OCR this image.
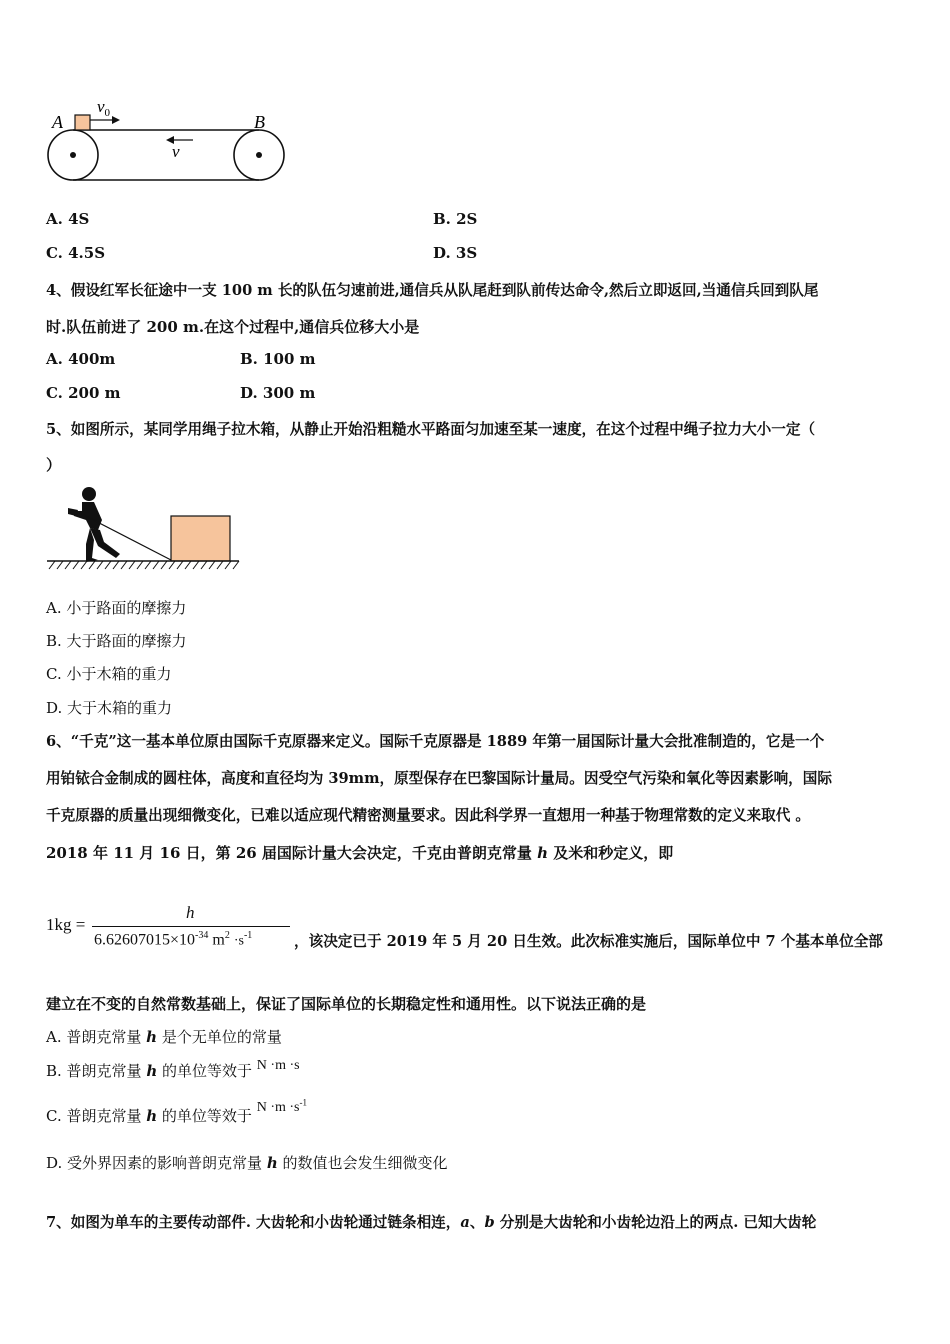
A	B
$v_0$
v
A. 4S	B. 2S
C. 4.5S	D. 3S
4、假设红军长征途中一支 100 m 长的队伍匀速前进,通信兵从队尾赶到队前传达命令,然后立即返回,当通信兵回到队尾
时.队伍前进了 200 m.在这个过程中,通信兵位移大小是
A. 400m	B. 100 m
C. 200 m	D. 300 m
5、如图所示，某同学用绳子拉木箱，从静止开始沿粗糙水平路面匀加速至某一速度，在这个过程中绳子拉力大小一定（
）
A. 小于路面的摩擦力
B. 大于路面的摩擦力
C. 小于木箱的重力
D. 大于木箱的重力
6、“千克”这一基本单位原由国际千克原器来定义。国际千克原器是 1889 年第一届国际计量大会批准制造的，它是一个
用铂铱合金制成的圆柱体，高度和直径均为 39mm，原型保存在巴黎国际计量局。因受空气污染和氧化等因素影响，国际
千克原器的质量出现细微变化，已难以适应现代精密测量要求。因此科学界一直想用一种基于物理常数的定义来取代 。
2018 年 11 月 16 日，第 26 届国际计量大会决定，千克由普朗克常量 h 及米和秒定义，即
1kg =
h
$6.62607015\times 10^{-34}$ $m^2 \cdot s^{-1}$	，该决定已于 2019 年 5 月 20 日生效。此次标准实施后，国际单位中 7 个基本单位全部
建立在不变的自然常数基础上，保证了国际单位的长期稳定性和通用性。以下说法正确的是
A. 普朗克常量 h 是个无单位的常量
B. 普朗克常量 h 的单位等效于 N ·m ·s
C. 普朗克常量 h 的单位等效于 $N \cdot m \cdot s^{-1}$
D. 受外界因素的影响普朗克常量 h 的数值也会发生细微变化
7、如图为单车的主要传动部件. 大齿轮和小齿轮通过链条相连，a、b 分别是大齿轮和小齿轮边沿上的两点. 已知大齿轮
